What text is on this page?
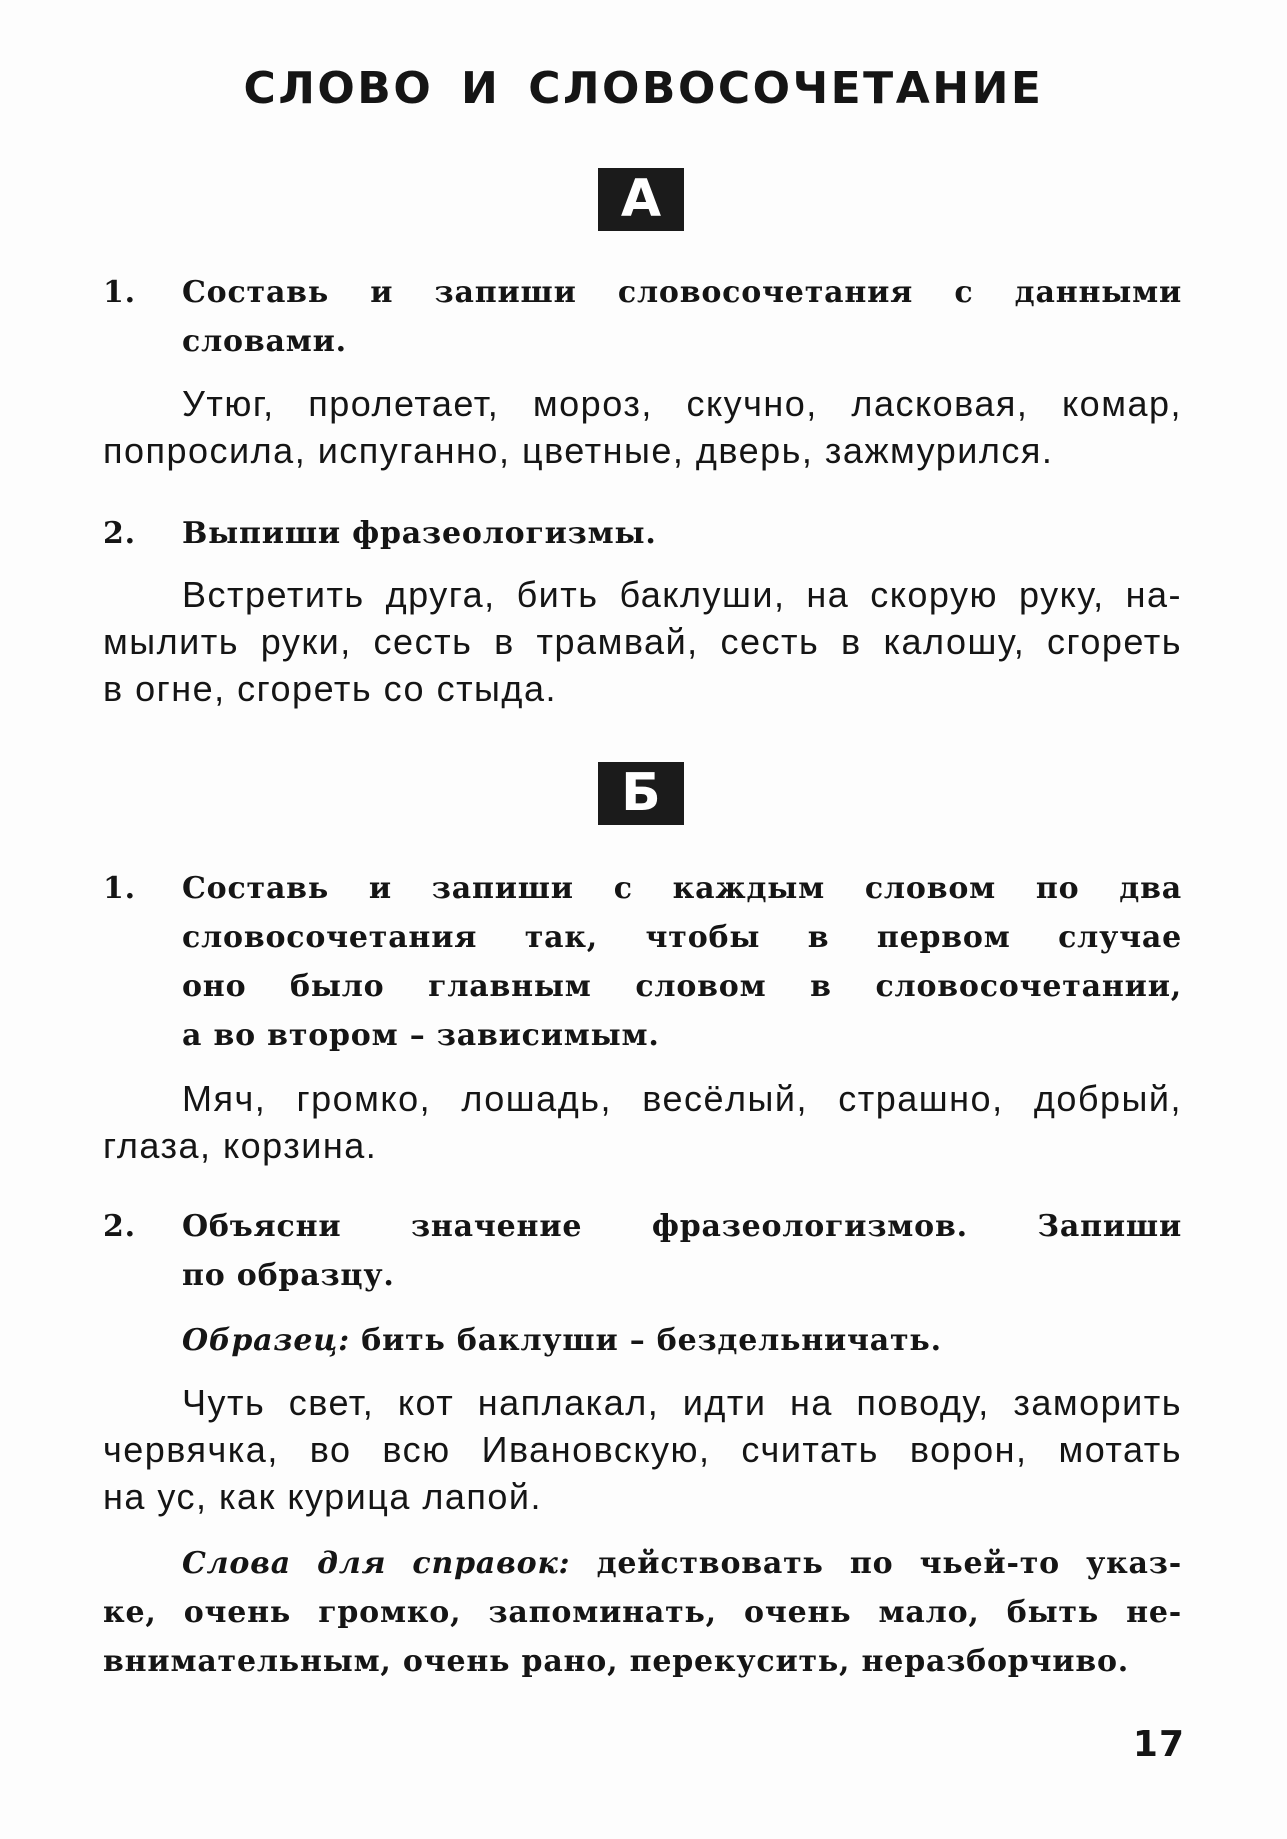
СЛОВО И СЛОВОСОЧЕТАНИЕ
А
1. Составь и запиши словосочетания с данными
словами.
Утюг, пролетает, мороз, скучно, ласковая, комар,
попросила, испуганно, цветные, дверь, зажмурился.
2. Выпиши фразеологизмы.
Встретить друга, бить баклуши, на скорую руку, на-
мылить руки, сесть в трамвай, сесть в калошу, сгореть
в огне, сгореть со стыда.
Б
1. Составь и запиши с каждым словом по два
словосочетания так, чтобы в первом случае
оно было главным словом в словосочетании,
а во втором – зависимым.
Мяч, громко, лошадь, весёлый, страшно, добрый,
глаза, корзина.
2. Объясни значение фразеологизмов. Запиши
по образцу.
Образец: бить баклуши – бездельничать.
Чуть свет, кот наплакал, идти на поводу, заморить
червячка, во всю Ивановскую, считать ворон, мотать
на ус, как курица лапой.
Слова для справок: действовать по чьей-то указ-
ке, очень громко, запоминать, очень мало, быть не-
внимательным, очень рано, перекусить, неразборчиво.
17
